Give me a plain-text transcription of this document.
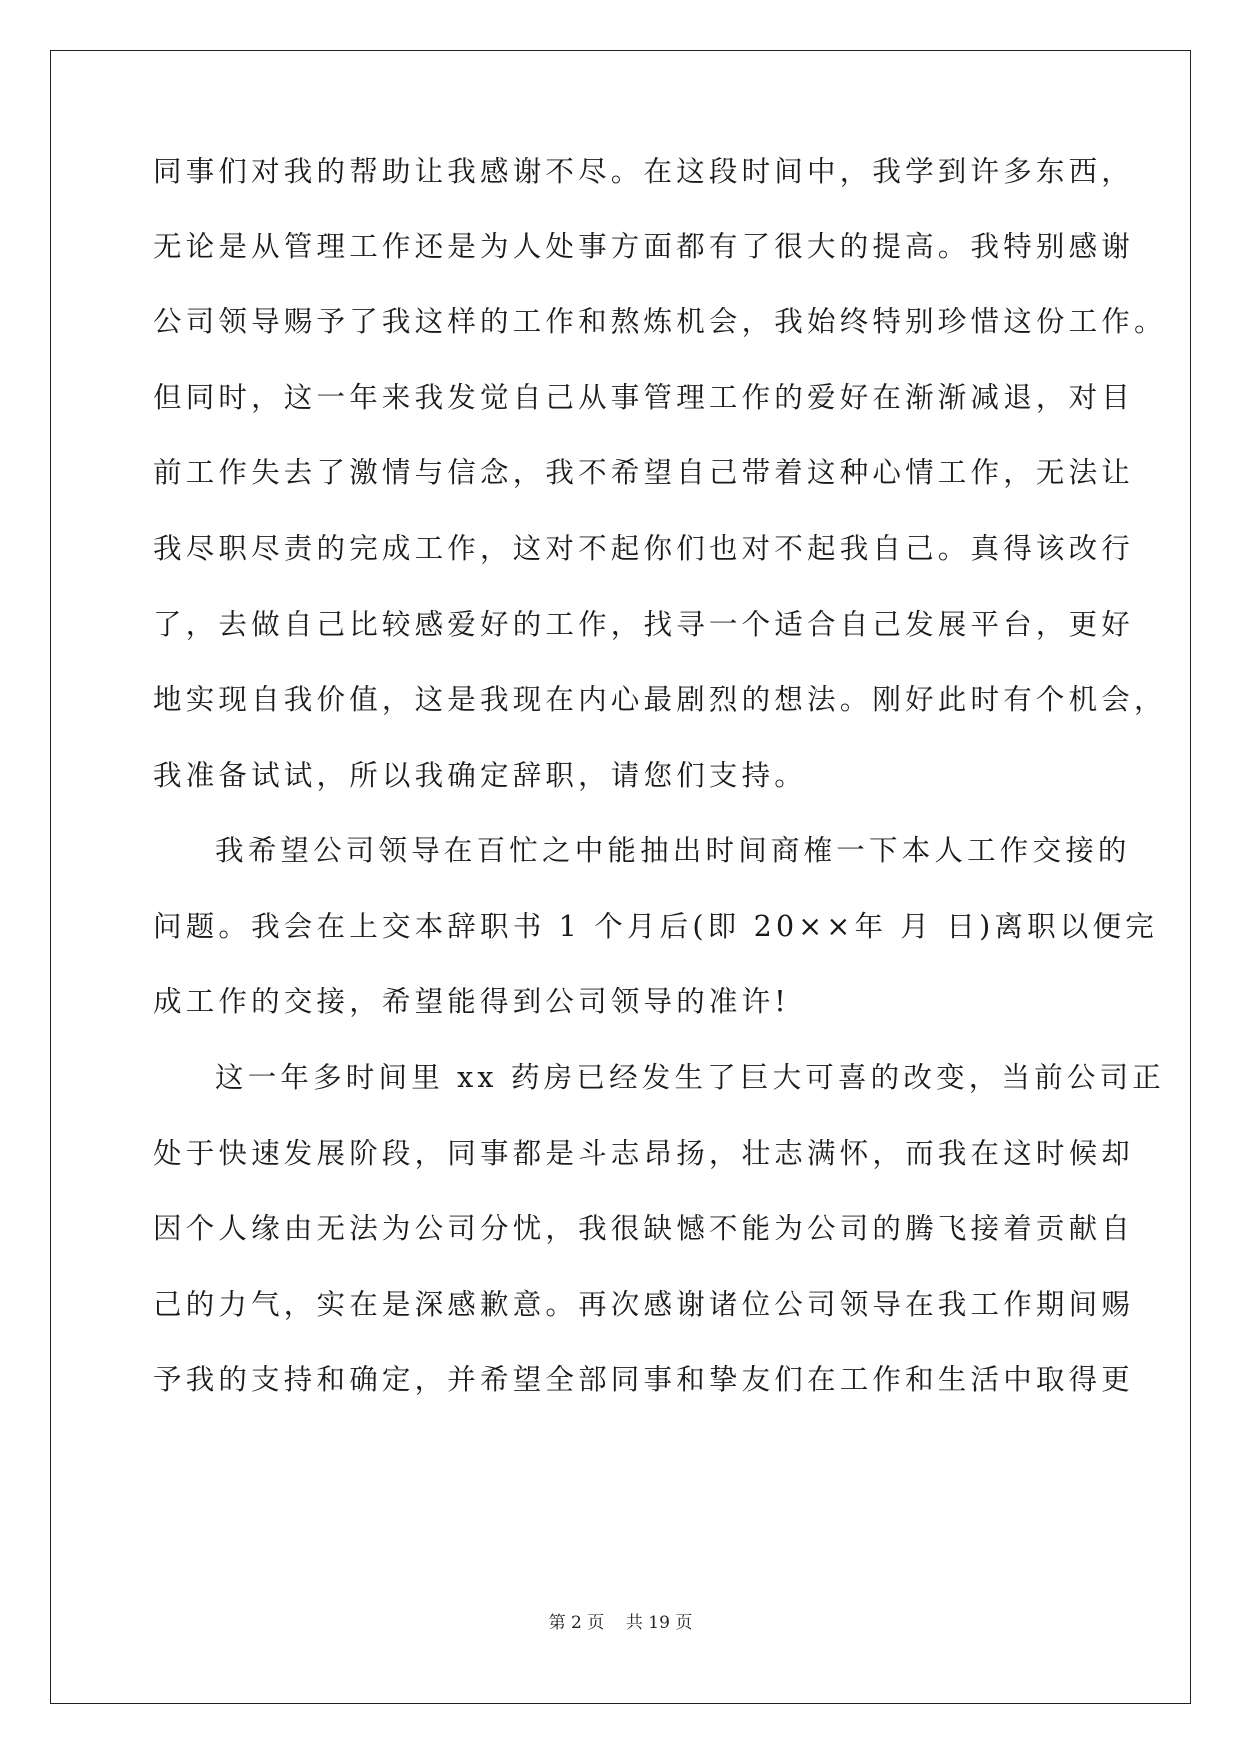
同事们对我的帮助让我感谢不尽。在这段时间中，我学到许多东西，

无论是从管理工作还是为人处事方面都有了很大的提高。我特别感谢

公司领导赐予了我这样的工作和熬炼机会，我始终特别珍惜这份工作。

但同时，这一年来我发觉自己从事管理工作的爱好在渐渐减退，对目

前工作失去了激情与信念，我不希望自己带着这种心情工作，无法让

我尽职尽责的完成工作，这对不起你们也对不起我自己。真得该改行

了，去做自己比较感爱好的工作，找寻一个适合自己发展平台，更好

地实现自我价值，这是我现在内心最剧烈的想法。刚好此时有个机会，

我准备试试，所以我确定辞职，请您们支持。

我希望公司领导在百忙之中能抽出时间商榷一下本人工作交接的

问题。我会在上交本辞职书 1 个月后(即 20××年 月 日)离职以便完

成工作的交接，希望能得到公司领导的准许!

这一年多时间里 xx 药房已经发生了巨大可喜的改变，当前公司正

处于快速发展阶段，同事都是斗志昂扬，壮志满怀，而我在这时候却

因个人缘由无法为公司分忧，我很缺憾不能为公司的腾飞接着贡献自

己的力气，实在是深感歉意。再次感谢诸位公司领导在我工作期间赐

予我的支持和确定，并希望全部同事和挚友们在工作和生活中取得更

第 2 页 共 19 页
